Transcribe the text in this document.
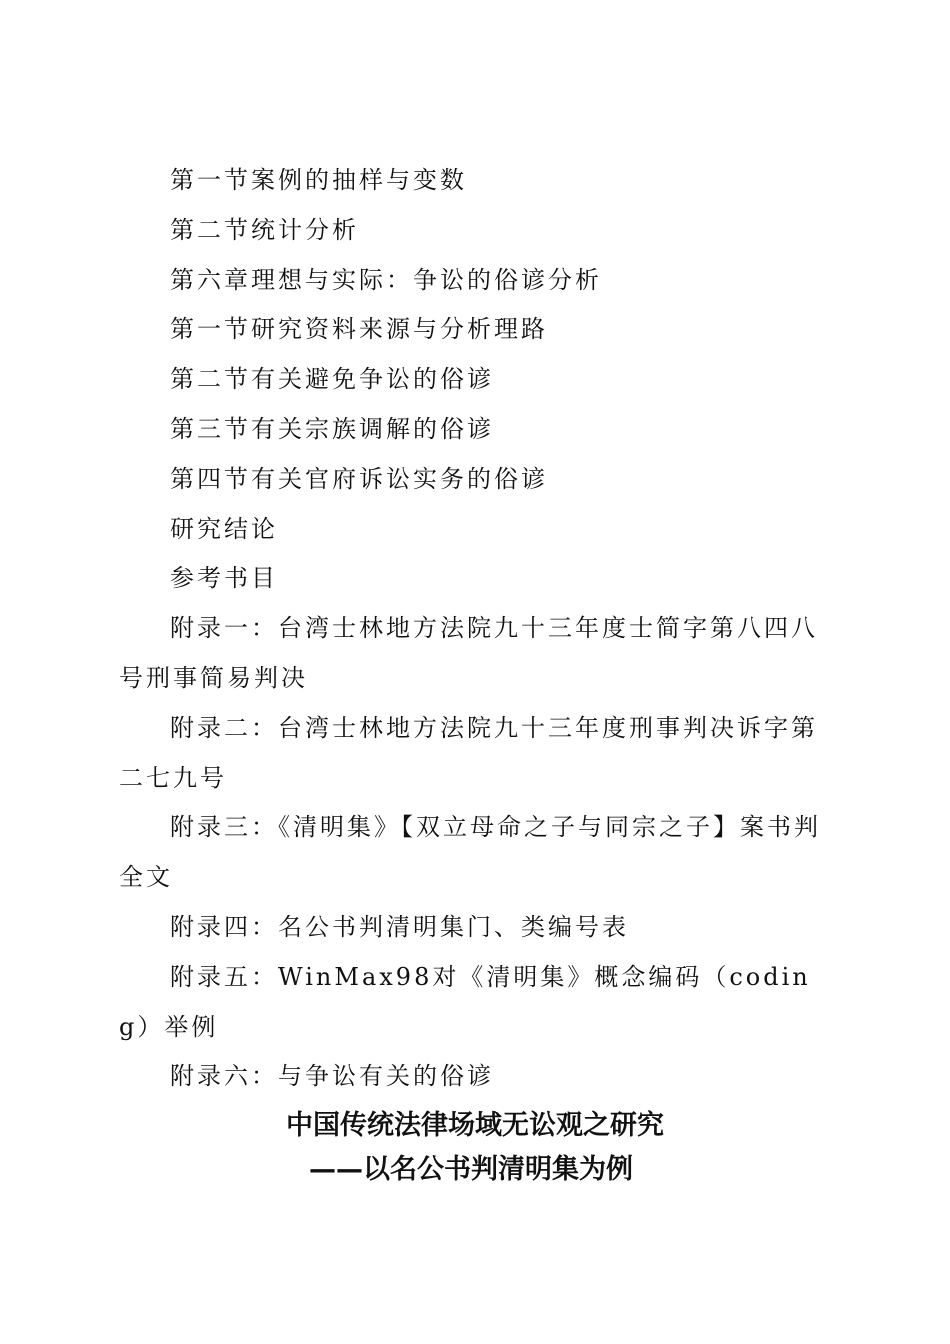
第一节案例的抽样与变数
第二节统计分析
第六章理想与实际：争讼的俗谚分析
第一节研究资料来源与分析理路
第二节有关避免争讼的俗谚
第三节有关宗族调解的俗谚
第四节有关官府诉讼实务的俗谚
研究结论
参考书目
附录一：台湾士林地方法院九十三年度士简字第八四八号刑事简易判决
附录二：台湾士林地方法院九十三年度刑事判决诉字第二七九号
附录三：《清明集》【双立母命之子与同宗之子】案书判全文
附录四：名公书判清明集门、类编号表
附录五：WinMax98对《清明集》概念编码（coding）举例
附录六：与争讼有关的俗谚
中国传统法律场域无讼观之研究
——以名公书判清明集为例
